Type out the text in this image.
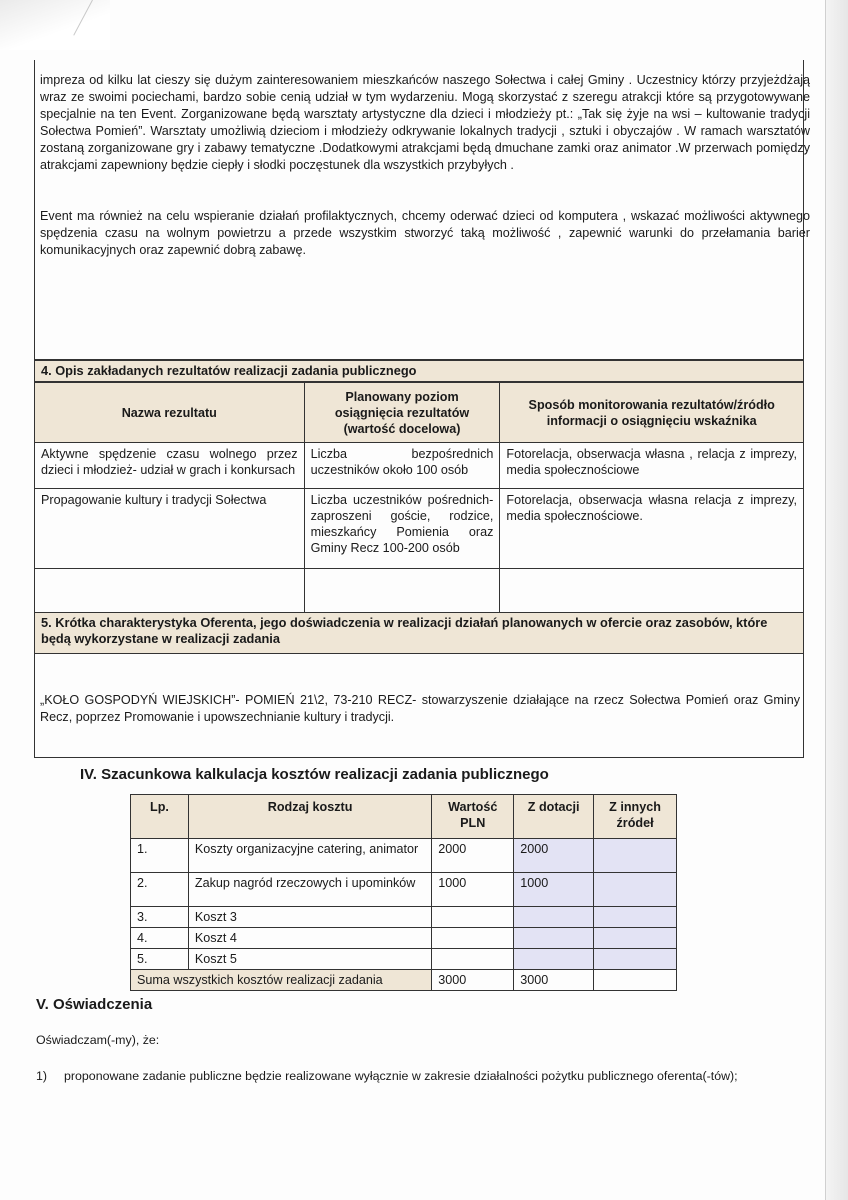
impreza od kilku lat cieszy się dużym zainteresowaniem mieszkańców naszego Sołectwa i całej Gminy . Uczestnicy którzy przyjeżdżają wraz ze swoimi pociechami, bardzo sobie cenią udział w tym wydarzeniu. Mogą skorzystać z szeregu atrakcji które są przygotowywane specjalnie na ten Event. Zorganizowane będą warsztaty artystyczne dla dzieci i młodzieży pt.: „Tak się żyje na wsi – kultowanie tradycji Sołectwa Pomień”. Warsztaty umożliwią dzieciom i młodzieży odkrywanie lokalnych tradycji , sztuki i obyczajów . W ramach warsztatów zostaną zorganizowane gry i zabawy tematyczne .Dodatkowymi atrakcjami będą dmuchane zamki oraz animator .W przerwach pomiędzy atrakcjami zapewniony będzie ciepły i słodki poczęstunek dla wszystkich przybyłych .
Event ma również na celu wspieranie działań profilaktycznych, chcemy oderwać dzieci od komputera , wskazać możliwości aktywnego spędzenia czasu na wolnym powietrzu a przede wszystkim stworzyć taką możliwość , zapewnić warunki do przełamania barier komunikacyjnych oraz zapewnić dobrą zabawę.
4. Opis zakładanych rezultatów realizacji zadania publicznego
Nazwa rezultatu	Planowany poziom osiągnięcia rezultatów (wartość docelowa)	Sposób monitorowania rezultatów/źródło informacji o osiągnięciu wskaźnika
Aktywne spędzenie czasu wolnego przez dzieci i młodzież- udział w grach i konkursach	Liczba bezpośrednich uczestników około 100 osób	Fotorelacja, obserwacja własna , relacja z imprezy, media społecznościowe
Propagowanie kultury i tradycji Sołectwa	Liczba uczestników pośrednich-zaproszeni goście, rodzice, mieszkańcy Pomienia oraz Gminy Recz 100-200 osób	Fotorelacja, obserwacja własna relacja z imprezy, media społecznościowe.

5. Krótka charakterystyka Oferenta, jego doświadczenia w realizacji działań planowanych w ofercie oraz zasobów, które będą wykorzystane w realizacji zadania
„KOŁO GOSPODYŃ WIEJSKICH”- POMIEŃ 21\2, 73-210 RECZ- stowarzyszenie działające na rzecz Sołectwa Pomień oraz Gminy Recz, poprzez Promowanie i upowszechnianie kultury i tradycji.
IV. Szacunkowa kalkulacja kosztów realizacji zadania publicznego
Lp.	Rodzaj kosztu	Wartość PLN	Z dotacji	Z innych źródeł
1.	Koszty organizacyjne catering, animator	2000	2000	
2.	Zakup nagród rzeczowych i upominków	1000	1000	
3.	Koszt 3			
4.	Koszt 4			
5.	Koszt 5			
Suma wszystkich kosztów realizacji zadania		3000	3000	
V. Oświadczenia
Oświadczam(-my), że:
1) proponowane zadanie publiczne będzie realizowane wyłącznie w zakresie działalności pożytku publicznego oferenta(-tów);
